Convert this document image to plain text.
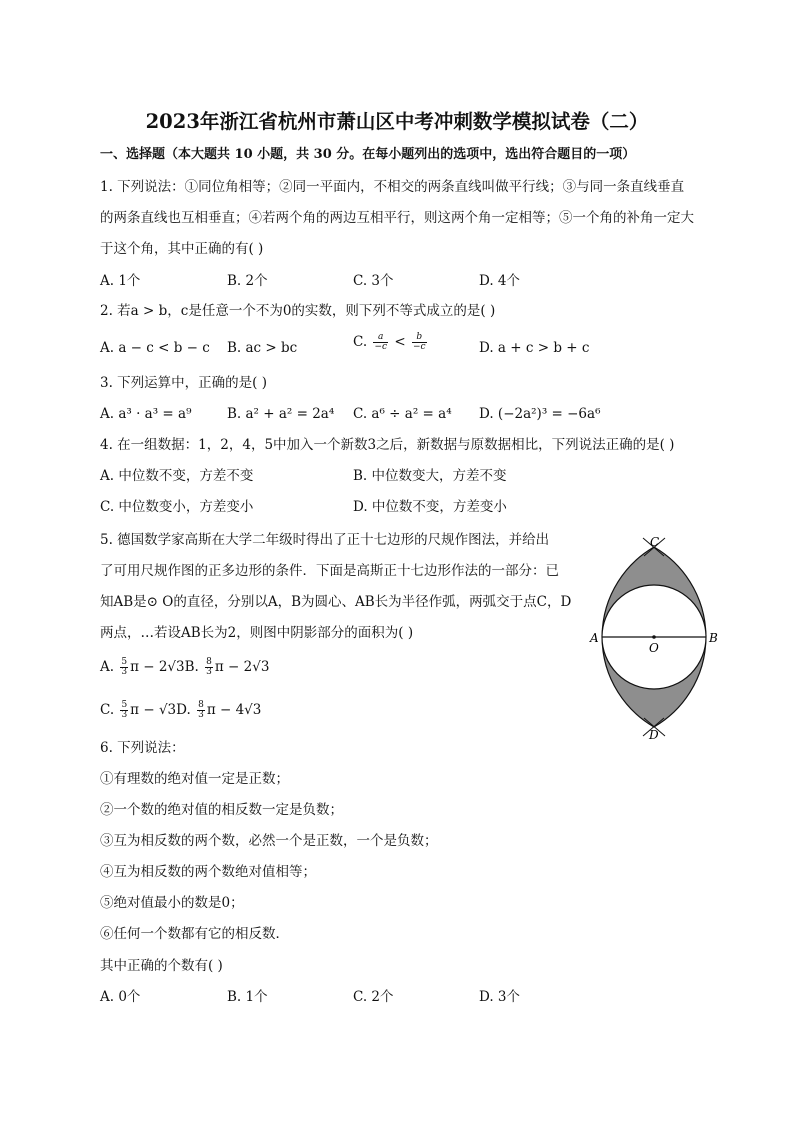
2023年浙江省杭州市萧山区中考冲刺数学模拟试卷（二）
一、选择题（本大题共 10 小题，共 30 分。在每小题列出的选项中，选出符合题目的一项）
1. 下列说法：①同位角相等；②同一平面内，不相交的两条直线叫做平行线；③与同一条直线垂直
的两条直线也互相垂直；④若两个角的两边互相平行，则这两个角一定相等；⑤一个角的补角一定大
于这个角，其中正确的有( )
A. 1个	B. 2个	C. 3个	D. 4个
2. 若a > b，c是任意一个不为0的实数，则下列不等式成立的是( )
A. a − c < b − c B. ac > bc	C. $\frac{a}{-c} < \frac{b}{-c}$	D. a + c > b + c
3. 下列运算中，正确的是( )
A. a³ · a³ = a⁹	B. a² + a² = 2a⁴ C. a⁶ ÷ a² = a⁴ D. (−2a²)³ = −6a⁶
4. 在一组数据：1，2，4，5中加入一个新数3之后，新数据与原数据相比，下列说法正确的是( )
A. 中位数不变，方差不变	B. 中位数变大，方差不变
C. 中位数变小，方差变小	D. 中位数不变，方差变小
5. 德国数学家高斯在大学二年级时得出了正十七边形的尺规作图法，并给出
了可用尺规作图的正多边形的条件．下面是高斯正十七边形作法的一部分：已
知AB是⊙ O的直径，分别以A，B为圆心、AB长为半径作弧，两弧交于点C，D
两点，…若设AB长为2，则图中阴影部分的面积为( )
A. $\frac{5}{3}$ π − 2√3B. $\frac{8}{3}$ π − 2√3
C. $\frac{5}{3}$ π − √3D. $\frac{8}{3}$ π − 4√3
C
D
A	B
O
6. 下列说法：
①有理数的绝对值一定是正数；
②一个数的绝对值的相反数一定是负数；
③互为相反数的两个数，必然一个是正数，一个是负数；
④互为相反数的两个数绝对值相等；
⑤绝对值最小的数是0；
⑥任何一个数都有它的相反数．
其中正确的个数有( )
A. 0个	B. 1个	C. 2个	D. 3个
